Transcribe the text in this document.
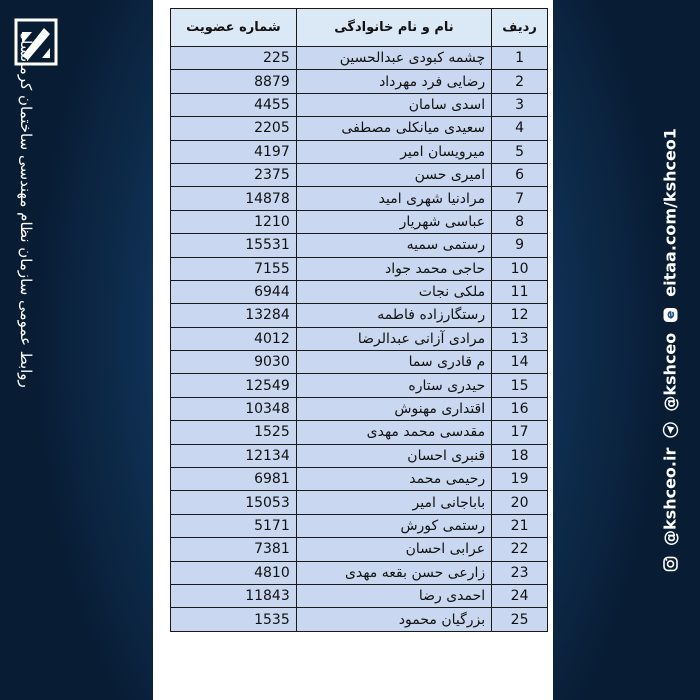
روابط عمومی سازمان نظام مهندسی ساختمان کرمانشاه
ردیف	نام و نام خانوادگی	شماره عضویت
1	چشمه کبودی عبدالحسین	225
2	رضایی فرد مهرداد	8879
3	اسدی سامان	4455
4	سعیدی میانکلی مصطفی	2205
5	میرویسان امیر	4197
6	امیری حسن	2375
7	مرادنیا شهری امید	14878
8	عباسی شهریار	1210
9	رستمی سمیه	15531
10	حاجی محمد جواد	7155
11	ملکی نجات	6944
12	رستگارزاده فاطمه	13284
13	مرادی آزانی عبدالرضا	4012
14	م قادری سما	9030
15	حیدری ستاره	12549
16	اقتداری مهنوش	10348
17	مقدسی محمد مهدی	1525
18	قنبری احسان	12134
19	رحیمی محمد	6981
20	باباجانی امیر	15053
21	رستمی کورش	5171
22	عرابی احسان	7381
23	زارعی حسن بقعه مهدی	4810
24	احمدی رضا	11843
25	بزرگیان محمود	1535
@kshceo.ir
@kshceo
eitaa.com/kshceo1
